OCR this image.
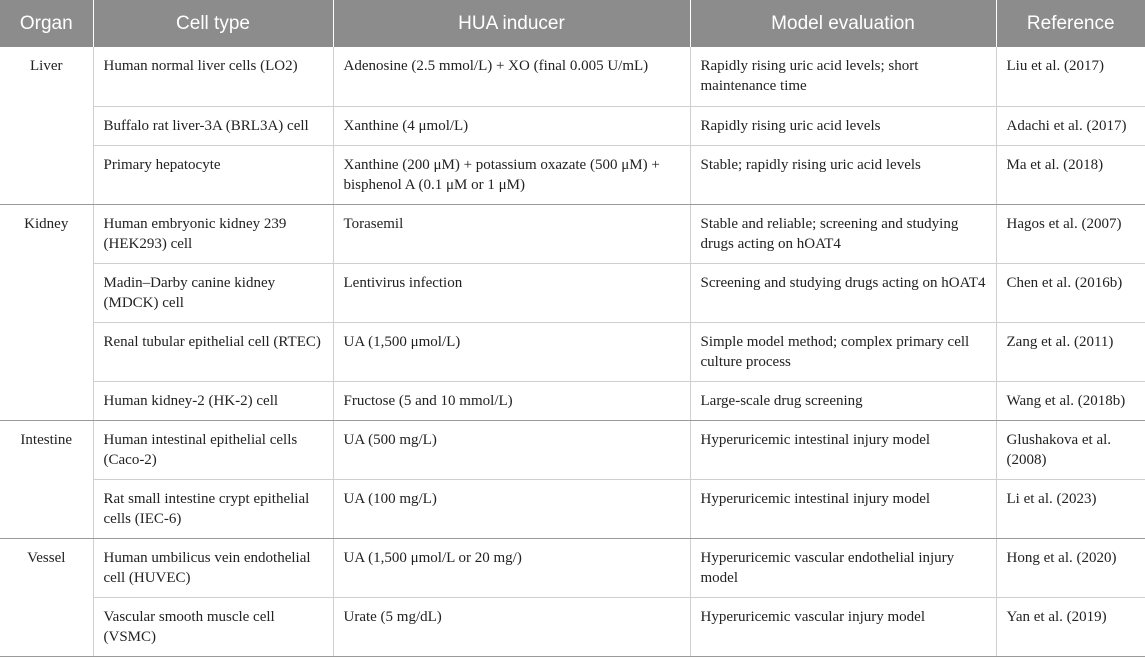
Organ	Cell type	HUA inducer	Model evaluation	Reference
Liver	Human normal liver cells (LO2)	Adenosine (2.5 mmol/L) + XO (final 0.005 U/mL)	Rapidly rising uric acid levels; short maintenance time	Liu et al. (2017)
	Buffalo rat liver-3A (BRL3A) cell	Xanthine (4 μmol/L)	Rapidly rising uric acid levels	Adachi et al. (2017)
	Primary hepatocyte	Xanthine (200 μM) + potassium oxazate (500 μM) + bisphenol A (0.1 μM or 1 μM)	Stable; rapidly rising uric acid levels	Ma et al. (2018)
Kidney	Human embryonic kidney 239 (HEK293) cell	Torasemil	Stable and reliable; screening and studying drugs acting on hOAT4	Hagos et al. (2007)
	Madin–Darby canine kidney (MDCK) cell	Lentivirus infection	Screening and studying drugs acting on hOAT4	Chen et al. (2016b)
	Renal tubular epithelial cell (RTEC)	UA (1,500 μmol/L)	Simple model method; complex primary cell culture process	Zang et al. (2011)
	Human kidney-2 (HK-2) cell	Fructose (5 and 10 mmol/L)	Large-scale drug screening	Wang et al. (2018b)
Intestine	Human intestinal epithelial cells (Caco-2)	UA (500 mg/L)	Hyperuricemic intestinal injury model	Glushakova et al. (2008)
	Rat small intestine crypt epithelial cells (IEC-6)	UA (100 mg/L)	Hyperuricemic intestinal injury model	Li et al. (2023)
Vessel	Human umbilicus vein endothelial cell (HUVEC)	UA (1,500 μmol/L or 20 mg/)	Hyperuricemic vascular endothelial injury model	Hong et al. (2020)
	Vascular smooth muscle cell (VSMC)	Urate (5 mg/dL)	Hyperuricemic vascular injury model	Yan et al. (2019)
